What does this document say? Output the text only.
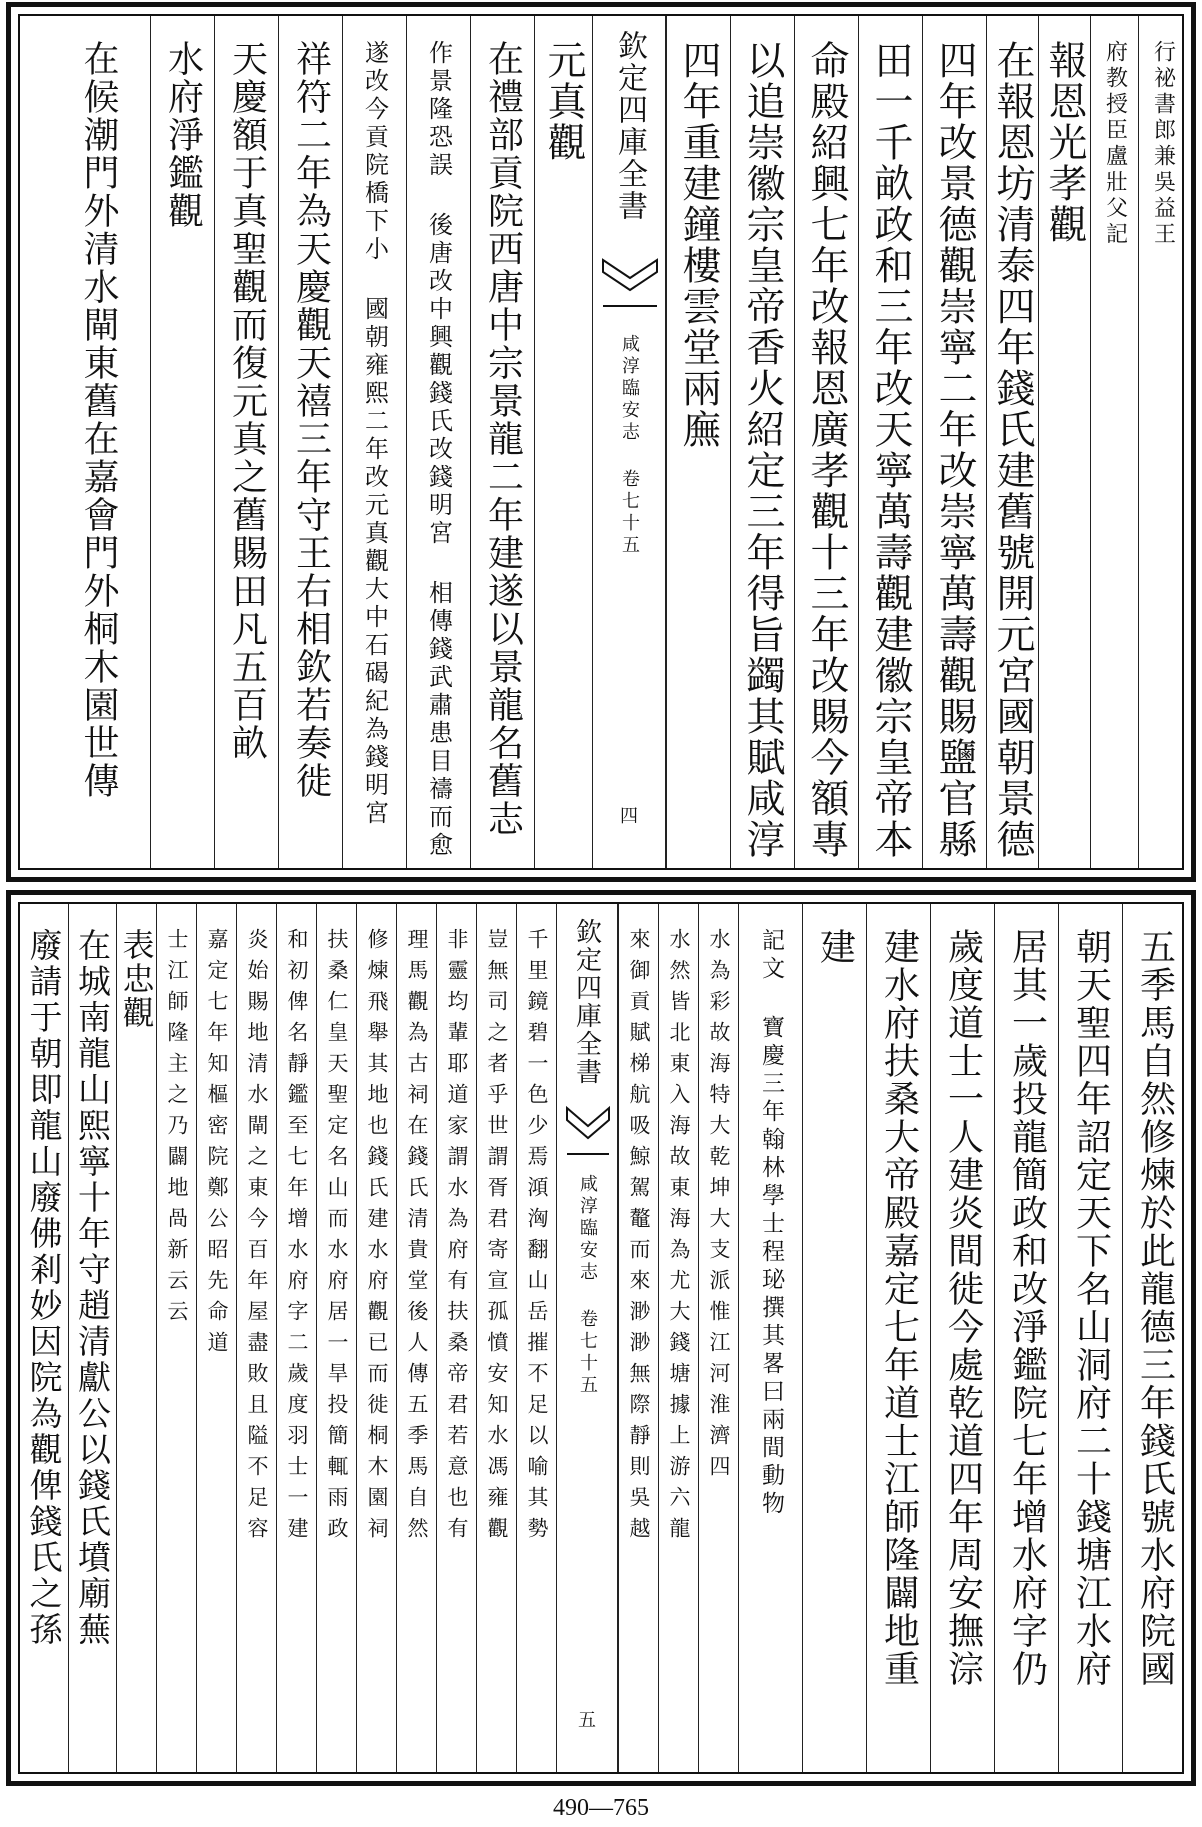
行祕書郎兼吳益王
府教授臣盧壯父記
報恩光孝觀
在報恩坊清泰四年錢氏建舊號開元宮國朝景德
四年改景德觀崇寧二年改崇寧萬壽觀賜鹽官縣
田一千畝政和三年改天寧萬壽觀建徽宗皇帝本
命殿紹興七年改報恩廣孝觀十三年改賜今額專
以追崇徽宗皇帝香火紹定三年得旨蠲其賦咸淳
四年重建鐘樓雲堂兩廡
欽定四庫全書
咸淳臨安志 卷七十五
四
元真觀
在禮部貢院西唐中宗景龍二年建遂以景龍名舊志
作景隆恐誤 後唐改中興觀錢氏改錢明宮 相傳錢武肅患目禱而愈
遂改今貢院橋下小 國朝雍熙二年改元真觀大中石碣紀為錢明宮
祥符二年為天慶觀天禧三年守王右相欽若奏徙
天慶額于真聖觀而復元真之舊賜田凡五百畝
水府淨鑑觀
在候潮門外清水閘東舊在嘉會門外桐木園世傳
五季馬自然修煉於此龍德三年錢氏號水府院國
朝天聖四年詔定天下名山洞府二十錢塘江水府
居其一歲投龍簡政和改淨鑑院七年增水府字仍
歲度道士一人建炎間徙今處乾道四年周安撫淙
建水府扶桑大帝殿嘉定七年道士江師隆闢地重
建
記文 寶慶三年翰林學士程珌撰其畧曰兩間動物
水為彩故海特大乾坤大支派惟江河淮濟四
水然皆北東入海故東海為尤大錢塘據上游六龍
來御貢賦梯航吸鯨駕鼇而來渺渺無際靜則吳越
欽定四庫全書
咸淳臨安志 卷七十五
五
千里鏡碧一色少焉澒洶翻山岳摧不足以喻其勢
豈無司之者乎世謂胥君寄宣孤憤安知水馮雍觀
非靈均輩耶道家謂水為府有扶桑帝君若意也有
理馬觀為古祠在錢氏清貴堂後人傳五季馬自然
修煉飛舉其地也錢氏建水府觀已而徙桐木園祠
扶桑仁皇天聖定名山而水府居一旱投簡輒雨政
和初俾名靜鑑至七年增水府字二歲度羽士一建
炎始賜地清水閘之東今百年屋盡敗且隘不足容
嘉定七年知樞密院鄭公昭先命道
士江師隆主之乃闢地咼新云云
表忠觀
在城南龍山熙寧十年守趙清獻公以錢氏墳廟蕪
廢請于朝即龍山廢佛剎妙因院為觀俾錢氏之孫
490—765
